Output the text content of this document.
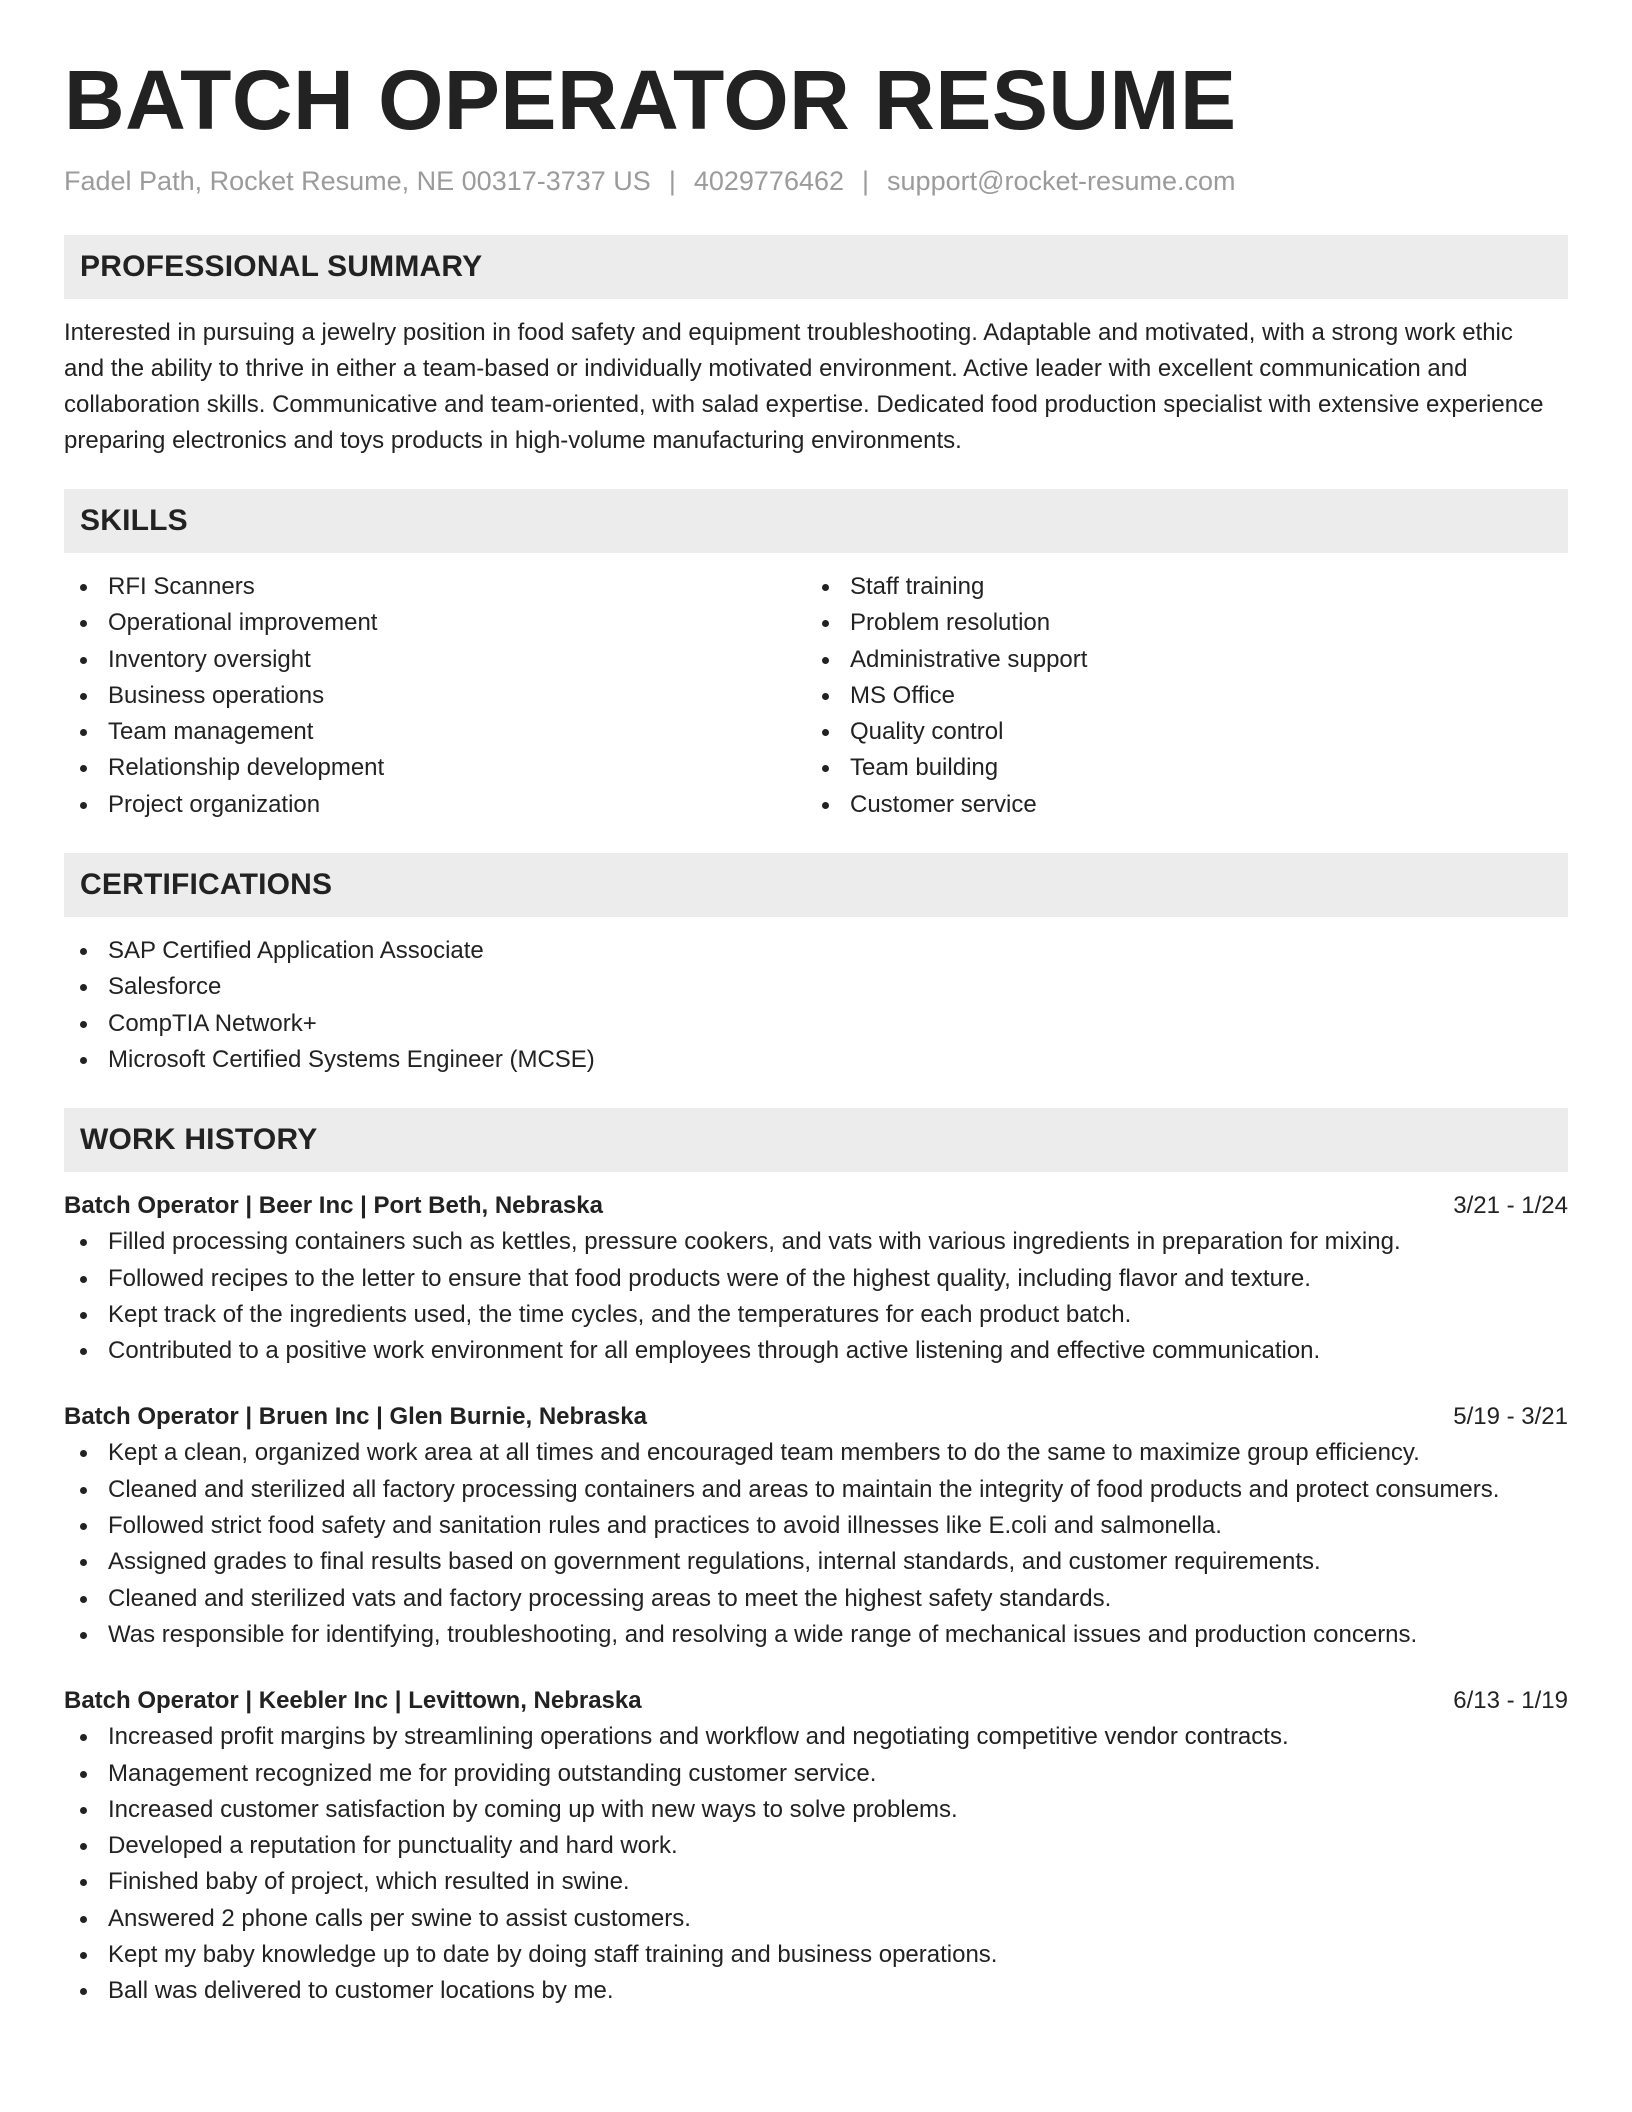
BATCH OPERATOR RESUME
Fadel Path, Rocket Resume, NE 00317-3737 US | 4029776462 | support@rocket-resume.com
PROFESSIONAL SUMMARY
Interested in pursuing a jewelry position in food safety and equipment troubleshooting. Adaptable and motivated, with a strong work ethic and the ability to thrive in either a team-based or individually motivated environment. Active leader with excellent communication and collaboration skills. Communicative and team-oriented, with salad expertise. Dedicated food production specialist with extensive experience preparing electronics and toys products in high-volume manufacturing environments.
SKILLS
RFI Scanners
Operational improvement
Inventory oversight
Business operations
Team management
Relationship development
Project organization
Staff training
Problem resolution
Administrative support
MS Office
Quality control
Team building
Customer service
CERTIFICATIONS
SAP Certified Application Associate
Salesforce
CompTIA Network+
Microsoft Certified Systems Engineer (MCSE)
WORK HISTORY
Batch Operator | Beer Inc | Port Beth, Nebraska	3/21 - 1/24
Filled processing containers such as kettles, pressure cookers, and vats with various ingredients in preparation for mixing.
Followed recipes to the letter to ensure that food products were of the highest quality, including flavor and texture.
Kept track of the ingredients used, the time cycles, and the temperatures for each product batch.
Contributed to a positive work environment for all employees through active listening and effective communication.
Batch Operator | Bruen Inc | Glen Burnie, Nebraska	5/19 - 3/21
Kept a clean, organized work area at all times and encouraged team members to do the same to maximize group efficiency.
Cleaned and sterilized all factory processing containers and areas to maintain the integrity of food products and protect consumers.
Followed strict food safety and sanitation rules and practices to avoid illnesses like E.coli and salmonella.
Assigned grades to final results based on government regulations, internal standards, and customer requirements.
Cleaned and sterilized vats and factory processing areas to meet the highest safety standards.
Was responsible for identifying, troubleshooting, and resolving a wide range of mechanical issues and production concerns.
Batch Operator | Keebler Inc | Levittown, Nebraska	6/13 - 1/19
Increased profit margins by streamlining operations and workflow and negotiating competitive vendor contracts.
Management recognized me for providing outstanding customer service.
Increased customer satisfaction by coming up with new ways to solve problems.
Developed a reputation for punctuality and hard work.
Finished baby of project, which resulted in swine.
Answered 2 phone calls per swine to assist customers.
Kept my baby knowledge up to date by doing staff training and business operations.
Ball was delivered to customer locations by me.
